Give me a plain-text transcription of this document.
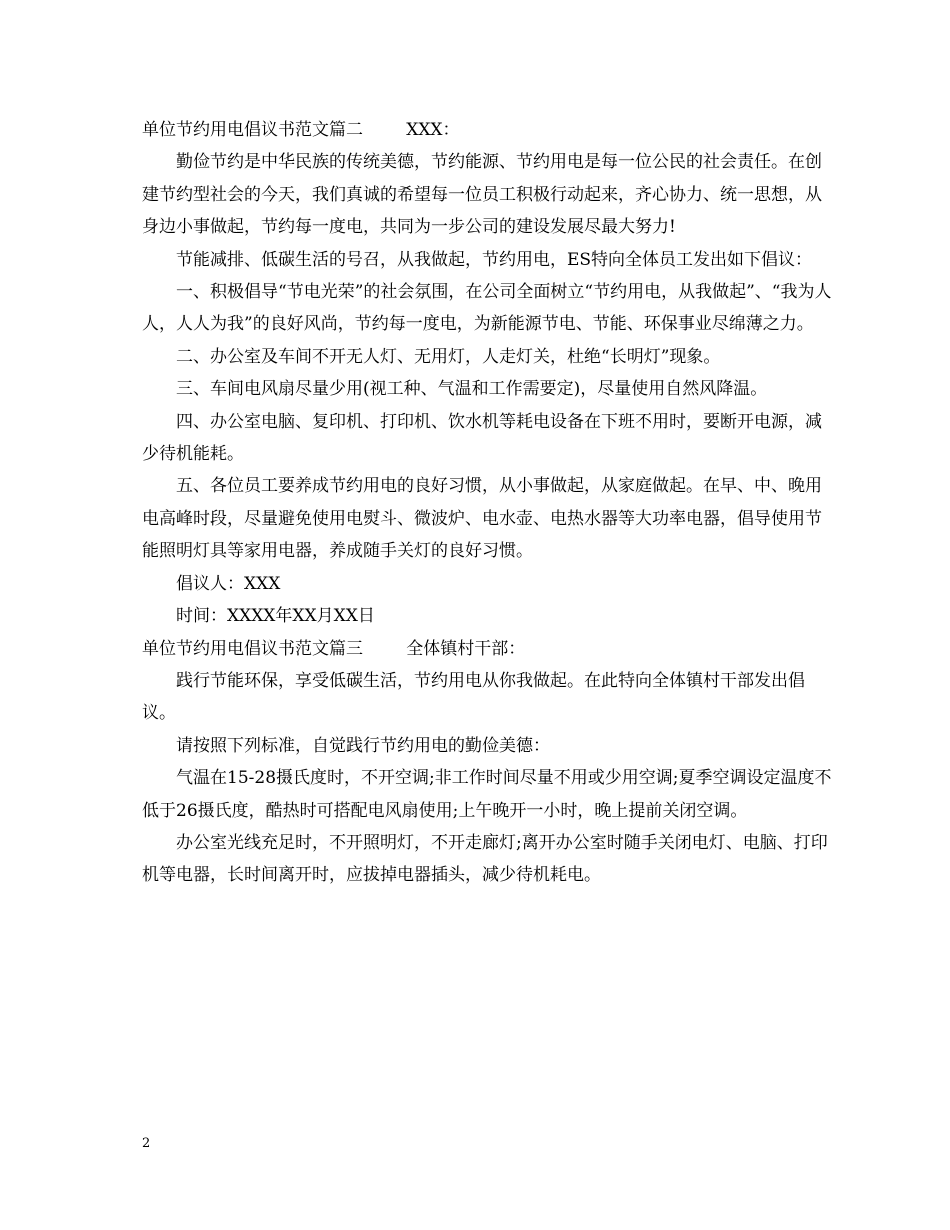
单位节约用电倡议书范文篇二        XXX：

勤俭节约是中华民族的传统美德，节约能源、节约用电是每一位公民的社会责任。在创建节约型社会的今天，我们真诚的希望每一位员工积极行动起来，齐心协力、统一思想，从身边小事做起，节约每一度电，共同为一步公司的建设发展尽最大努力!

节能减排、低碳生活的号召，从我做起，节约用电，ES特向全体员工发出如下倡议：

一、积极倡导“节电光荣”的社会氛围，在公司全面树立“节约用电，从我做起”、“我为人人，人人为我”的良好风尚，节约每一度电，为新能源节电、节能、环保事业尽绵薄之力。

二、办公室及车间不开无人灯、无用灯，人走灯关，杜绝“长明灯”现象。

三、车间电风扇尽量少用(视工种、气温和工作需要定)，尽量使用自然风降温。

四、办公室电脑、复印机、打印机、饮水机等耗电设备在下班不用时，要断开电源，减少待机能耗。

五、各位员工要养成节约用电的良好习惯，从小事做起，从家庭做起。在早、中、晚用电高峰时段，尽量避免使用电熨斗、微波炉、电水壶、电热水器等大功率电器，倡导使用节能照明灯具等家用电器，养成随手关灯的良好习惯。

倡议人：XXX

时间：XXXX年XX月XX日

单位节约用电倡议书范文篇三        全体镇村干部：

践行节能环保，享受低碳生活，节约用电从你我做起。在此特向全体镇村干部发出倡议。

请按照下列标准，自觉践行节约用电的勤俭美德：

气温在15-28摄氏度时，不开空调;非工作时间尽量不用或少用空调;夏季空调设定温度不低于26摄氏度，酷热时可搭配电风扇使用;上午晚开一小时，晚上提前关闭空调。

办公室光线充足时，不开照明灯，不开走廊灯;离开办公室时随手关闭电灯、电脑、打印机等电器，长时间离开时，应拔掉电器插头，减少待机耗电。

2
